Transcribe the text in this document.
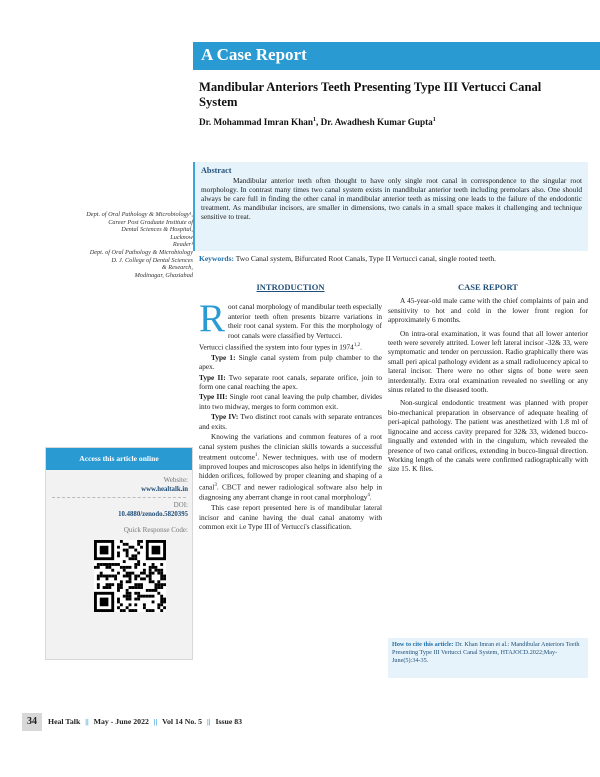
A Case Report
Mandibular Anteriors Teeth Presenting Type III Vertucci Canal System
Dr. Mohammad Imran Khan$^1$, Dr. Awadhesh Kumar Gupta$^1$
Abstract

Mandibular anterior teeth often thought to have only single root canal in correspondence to the singular root morphology. In contrast many times two canal system exists in mandibular anterior teeth including premolars also. One should always be care full in finding the other canal in mandibular anterior teeth as missing one leads to the failure of the endodontic treatment. As mandibular incisors, are smaller in dimensions, two canals in a small space makes it challenging and technique sensitive to treat.

Keywords: Two Canal system, Bifurcated Root Canals, Type II Vertucci canal, single rooted teeth.
Dept. of Oral Pathology & Microbiology¹,
Career Post Graduate Institute of
Dental Sciences & Hospital,
Lucknow
Reader¹
Dept. of Oral Pathology & Microbiology
D. J. College of Dental Sciences
& Research,
Modinagar, Ghaziabad
Access this article online
Website:
www.healtalk.in
DOI:
10.4880/zenodo.5820395
Quick Response Code:
INTRODUCTION

Root canal morphology of mandibular teeth especially anterior teeth often presents bizarre variations in their root canal system. For this the morphology of root canals were classified by Vertucci.

Vertucci classified the system into four types in 1974$^{1,2}$.

Type 1: Single canal system from pulp chamber to the apex.

Type II: Two separate root canals, separate orifice, join to form one canal reaching the apex.

Type III: Single root canal leaving the pulp chamber, divides into two midway, merges to form common exit.

Type IV: Two distinct root canals with separate entrances and exits.

Knowing the variations and common features of a root canal system pushes the clinician skills towards a successful treatment outcome$^1$. Newer techniques, with use of modern improved loupes and microscopes also helps in identifying the hidden orifices, followed by proper cleaning and shaping of a canal$^3$. CBCT and newer radiological software also help in diagnosing any aberrant change in root canal morphology$^4$.

This case report presented here is of mandibular lateral incisor and canine having the dual canal anatomy with common exit i.e Type III of Vertucci's classification.

CASE REPORT

A 45-year-old male came with the chief complaints of pain and sensitivity to hot and cold in the lower front region for approximately 6 months.

On intra-oral examination, it was found that all lower anterior teeth were severely attrited. Lower left lateral incisor -32& 33, were symptomatic and tender on percussion. Radio graphically there was small peri apical pathology evident as a small radiolucency apical to lateral incisor. There were no other signs of bone were seen interdentally. Extra oral examination revealed no swelling or any sinus related to the diseased tooth.

Non-surgical endodontic treatment was planned with proper bio-mechanical preparation in observance of adequate healing of peri-apical pathology. The patient was anesthetized with 1.8 ml of lignocaine and access cavity prepared for 32& 33, widened bucco-lingually and extended with in the cingulum, which revealed the presence of two canal orifices, extending in bucco-lingual direction. Working length of the canals were confirmed radiographically with size 15. K files.

How to cite this article: Dr. Khan Imran et al.: Mandibular Anteriors Teeth Presenting Type III Vertucci Canal System, HTAJOCD.2022;May-June(5):34-35.
34	Heal Talk || May - June 2022 || Vol 14 No. 5 || Issue 83
